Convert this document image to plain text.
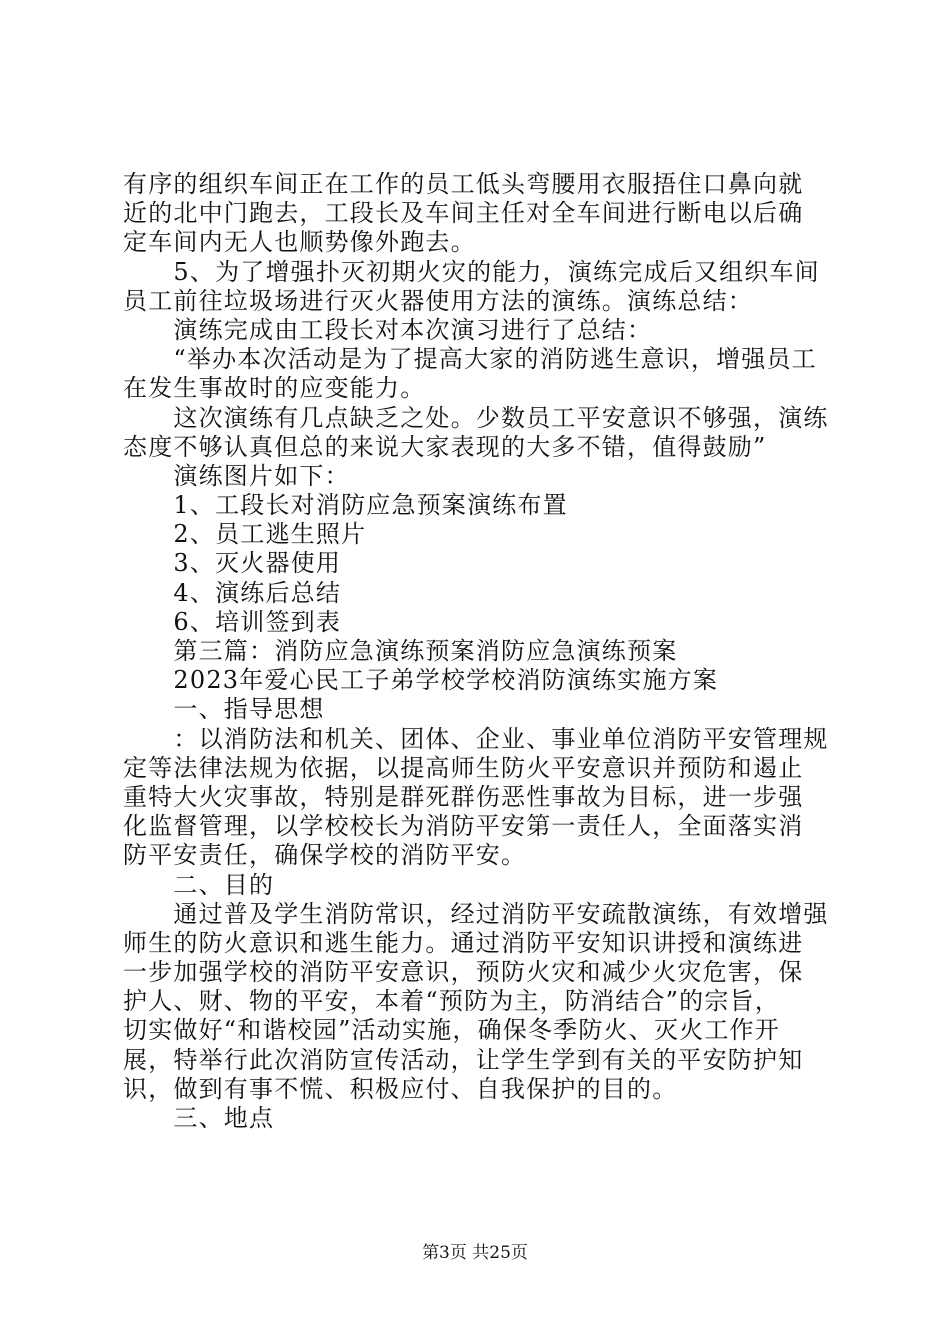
有序的组织车间正在工作的员工低头弯腰用衣服捂住口鼻向就
近的北中门跑去，工段长及车间主任对全车间进行断电以后确
定车间内无人也顺势像外跑去。
　　5、为了增强扑灭初期火灾的能力，演练完成后又组织车间
员工前往垃圾场进行灭火器使用方法的演练。演练总结：
　　演练完成由工段长对本次演习进行了总结：
　　“举办本次活动是为了提高大家的消防逃生意识，增强员工
在发生事故时的应变能力。
　　这次演练有几点缺乏之处。少数员工平安意识不够强，演练
态度不够认真但总的来说大家表现的大多不错，值得鼓励”
　　演练图片如下：
　　1、工段长对消防应急预案演练布置
　　2、员工逃生照片
　　3、灭火器使用
　　4、演练后总结
　　6、培训签到表
　　第三篇：消防应急演练预案消防应急演练预案
　　2023年爱心民工子弟学校学校消防演练实施方案
　　一、指导思想
　　：以消防法和机关、团体、企业、事业单位消防平安管理规
定等法律法规为依据，以提高师生防火平安意识并预防和遏止
重特大火灾事故，特别是群死群伤恶性事故为目标，进一步强
化监督管理，以学校校长为消防平安第一责任人，全面落实消
防平安责任，确保学校的消防平安。
　　二、目的
　　通过普及学生消防常识，经过消防平安疏散演练，有效增强
师生的防火意识和逃生能力。通过消防平安知识讲授和演练进
一步加强学校的消防平安意识，预防火灾和减少火灾危害，保
护人、财、物的平安，本着“预防为主，防消结合”的宗旨，
切实做好“和谐校园”活动实施，确保冬季防火、灭火工作开
展，特举行此次消防宣传活动，让学生学到有关的平安防护知
识，做到有事不慌、积极应付、自我保护的目的。
　　三、地点
第3页 共25页
